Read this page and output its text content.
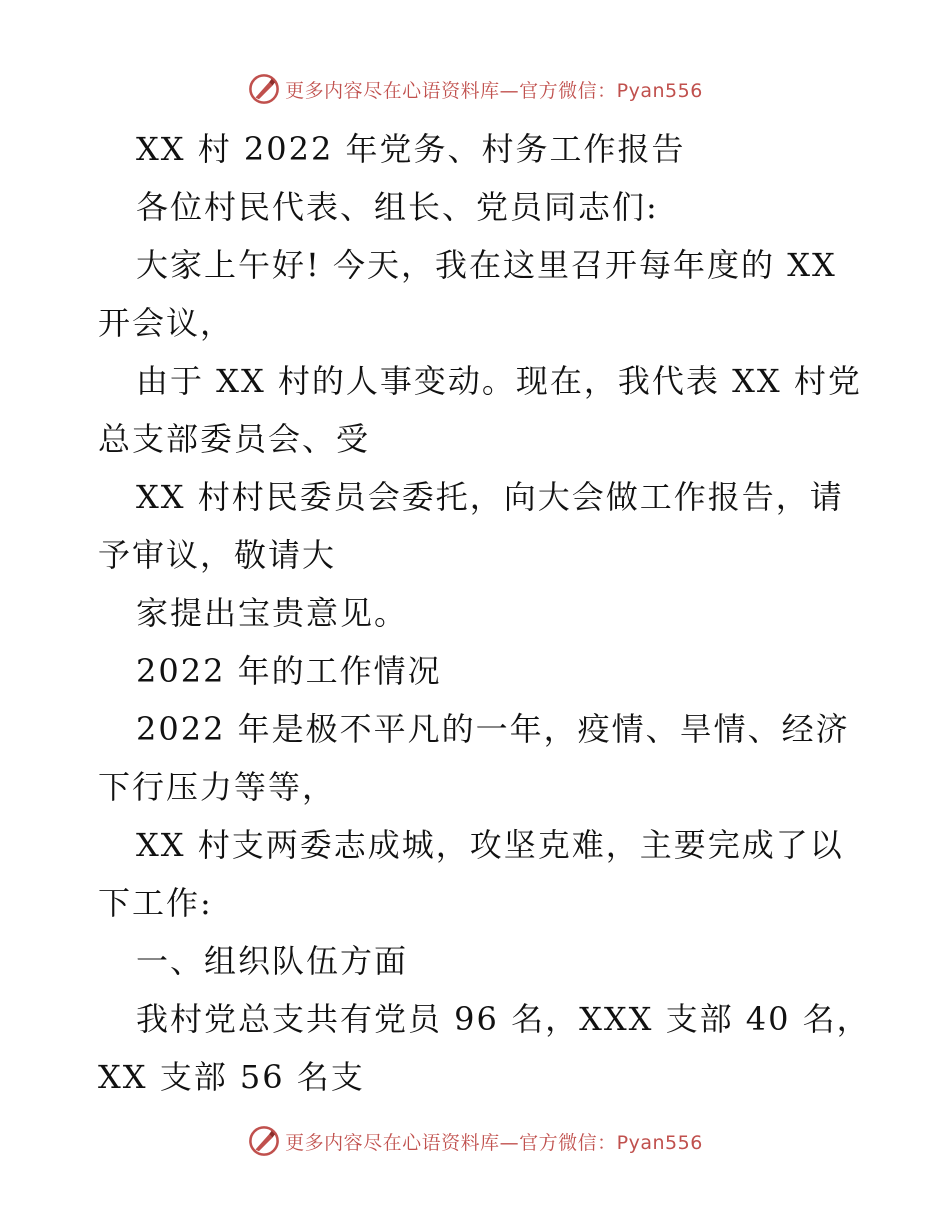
更多内容尽在心语资料库—官方微信：Pyan556
XX 村 2022 年党务、村务工作报告
各位村民代表、组长、党员同志们:
大家上午好! 今天，我在这里召开每年度的 XX
开会议，
由于 XX 村的人事变动。现在，我代表 XX 村党
总支部委员会、受
XX 村村民委员会委托，向大会做工作报告，请
予审议，敬请大
家提出宝贵意见。
2022 年的工作情况
2022 年是极不平凡的一年，疫情、旱情、经济
下行压力等等，
XX 村支两委志成城，攻坚克难，主要完成了以
下工作:
一、组织队伍方面
我村党总支共有党员 96 名，XXX 支部 40 名，
XX 支部 56 名支
更多内容尽在心语资料库—官方微信：Pyan556
